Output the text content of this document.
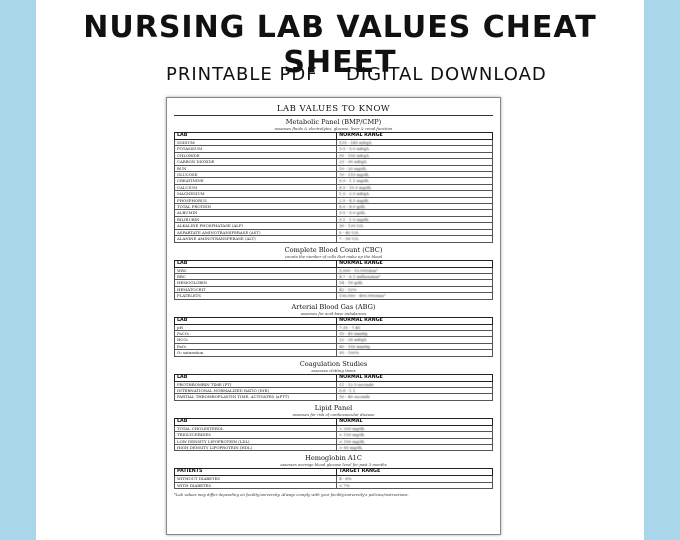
NURSING LAB VALUES CHEAT SHEET
PRINTABLE PDF DIGITAL DOWNLOAD
LAB VALUES TO KNOW
Metabolic Panel (BMP/CMP)
assesses fluids & electrolytes, glucose, liver & renal function
LAB	NORMAL RANGE
SODIUM	135 - 145 mEq/L
POTASSIUM	3.5 - 5.0 mEq/L
CHLORIDE	95 - 105 mEq/L
CARBON DIOXIDE	23 - 30 mEq/L
BUN	10 - 20 mg/dL
GLUCOSE	70 - 110 mg/dL
CREATININE	0.5 - 1.1 mg/dL
CALCIUM	8.5 - 10.5 mg/dL
MAGNESIUM	1.5 - 2.5 mEq/L
PHOSPHORUS	2.5 - 4.5 mg/dL
TOTAL PROTEIN	6.0 - 8.0 g/dL
ALBUMIN	3.5 - 5.0 g/dL
BILIRUBIN	0.1 - 1.0 mg/dL
ALKALINE PHOSPHATASE (ALP)	30 - 120 U/L
ASPARTATE AMINOTRANSFERASE (AST)	0 - 40 U/L
ALANINE AMINOTRANSFERASE (ALT)	7 - 56 U/L
Complete Blood Count (CBC)
counts the number of cells that make up the blood
LAB	NORMAL RANGE
WBC	5,000 - 10,000/mm³
RBC	4.7 - 6.1 million/mm³
HEMOGLOBIN	14 - 18 g/dL
HEMATOCRIT	42 - 52%
PLATELETS	150,000 - 400,000/mm³
Arterial Blood Gas (ABG)
assesses for acid-base imbalances
LAB	NORMAL RANGE
pH	7.35 - 7.45
PaCO₂	35 - 45 mmHg
HCO₃	22 - 26 mEq/L
PaO₂	80 - 100 mmHg
O₂ saturation	95 - 100%
Coagulation Studies
assesses clotting times
LAB	NORMAL RANGE
PROTHROMBIN TIME (PT)	11 - 12.5 seconds
INTERNATIONAL NORMALIZED RATIO (INR)	0.8 - 1.1
PARTIAL THROMBOPLASTIN TIME, ACTIVATED (aPTT)	30 - 40 seconds
Lipid Panel
assesses for risk of cardiovascular disease
LAB	NORMAL
TOTAL CHOLESTEROL	< 200 mg/dL
TRIGLYCERIDES	< 150 mg/dL
LOW DENSITY LIPOPROTEIN (LDL)	< 100 mg/dL
HIGH DENSITY LIPOPROTEIN (HDL)	> 60 mg/dL
Hemoglobin A1C
assesses average blood glucose level for past 3 months
PATIENTS	TARGET RANGE
WITHOUT DIABETES	4 - 6%
WITH DIABETES	< 7%
*Lab values may differ depending on facility/university. Always comply with your facility/university's policies/instructions.
